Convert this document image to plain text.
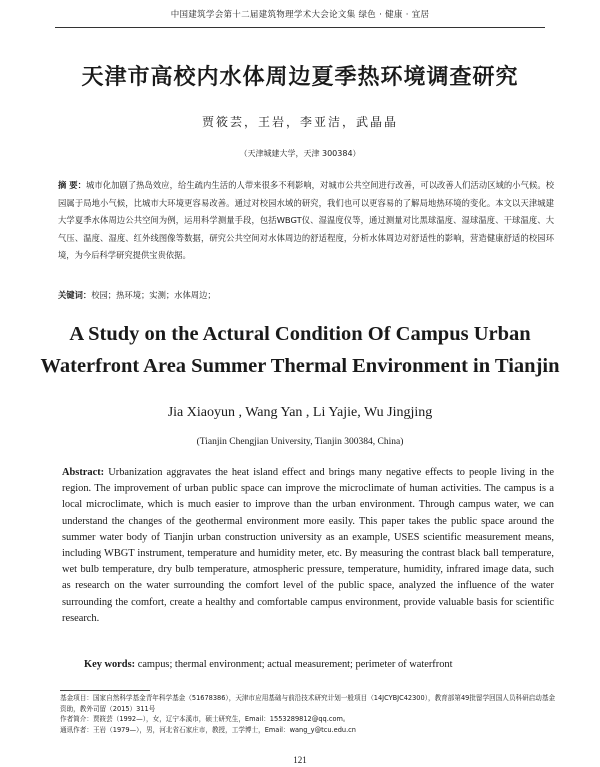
中国建筑学会第十二届建筑物理学术大会论文集 绿色 · 健康 · 宜居
天津市高校内水体周边夏季热环境调查研究
贾筱芸，王岩，李亚洁，武晶晶
（天津城建大学，天津 300384）
摘 要：城市化加剧了热岛效应，给生疏内生活的人带来很多不利影响，对城市公共空间进行改善，可以改善人们活动区域的小气候。校园属于局地小气候，比城市大环境更容易改善。通过对校园水域的研究，我们也可以更容易的了解局地热环境的变化。本文以天津城建大学夏季水体周边公共空间为例，运用科学测量手段，包括WBGT仪、湿温度仪等，通过测量对比黑球温度、湿球温度、干球温度、大气压、温度、湿度、红外线图像等数据，研究公共空间对水体周边的舒适程度，分析水体周边对舒适性的影响，营造健康舒适的校园环境，为今后科学研究提供宝贵依据。
关键词：校园；热环境；实测；水体周边；
A Study on the Actural Condition Of Campus Urban Waterfront Area Summer Thermal Environment in Tianjin
Jia Xiaoyun , Wang Yan , Li Yajie, Wu Jingjing
(Tianjin Chengjian University, Tianjin 300384, China)
Abstract: Urbanization aggravates the heat island effect and brings many negative effects to people living in the region. The improvement of urban public space can improve the microclimate of human activities. The campus is a local microclimate, which is much easier to improve than the urban environment. Through campus water, we can understand the changes of the geothermal environment more easily. This paper takes the public space around the summer water body of Tianjin urban construction university as an example, USES scientific measurement means, including WBGT instrument, temperature and humidity meter, etc. By measuring the contrast black ball temperature, wet bulb temperature, dry bulb temperature, atmospheric pressure, temperature, humidity, infrared image data, such as research on the water surrounding the comfort level of the public space, analyzed the influence of the water surrounding the comfort, create a healthy and comfortable campus environment, provide valuable basis for scientific research.
Key words: campus; thermal environment; actual measurement; perimeter of waterfront

基金项目：国家自然科学基金青年科学基金（51678386），天津市应用基础与前沿技术研究计划一般项目（14JCYBJC42300），教育部第49批留学回国人员科研启动基金资助，教外司留（2015）311号

作者简介：贾筱芸（1992—），女，辽宁本溪市，硕士研究生，Email：1553289812@qq.com。

通讯作者：王岩（1979—），男，河北省石家庄市，教授，工学博士，Email：wang_y@tcu.edu.cn

121
